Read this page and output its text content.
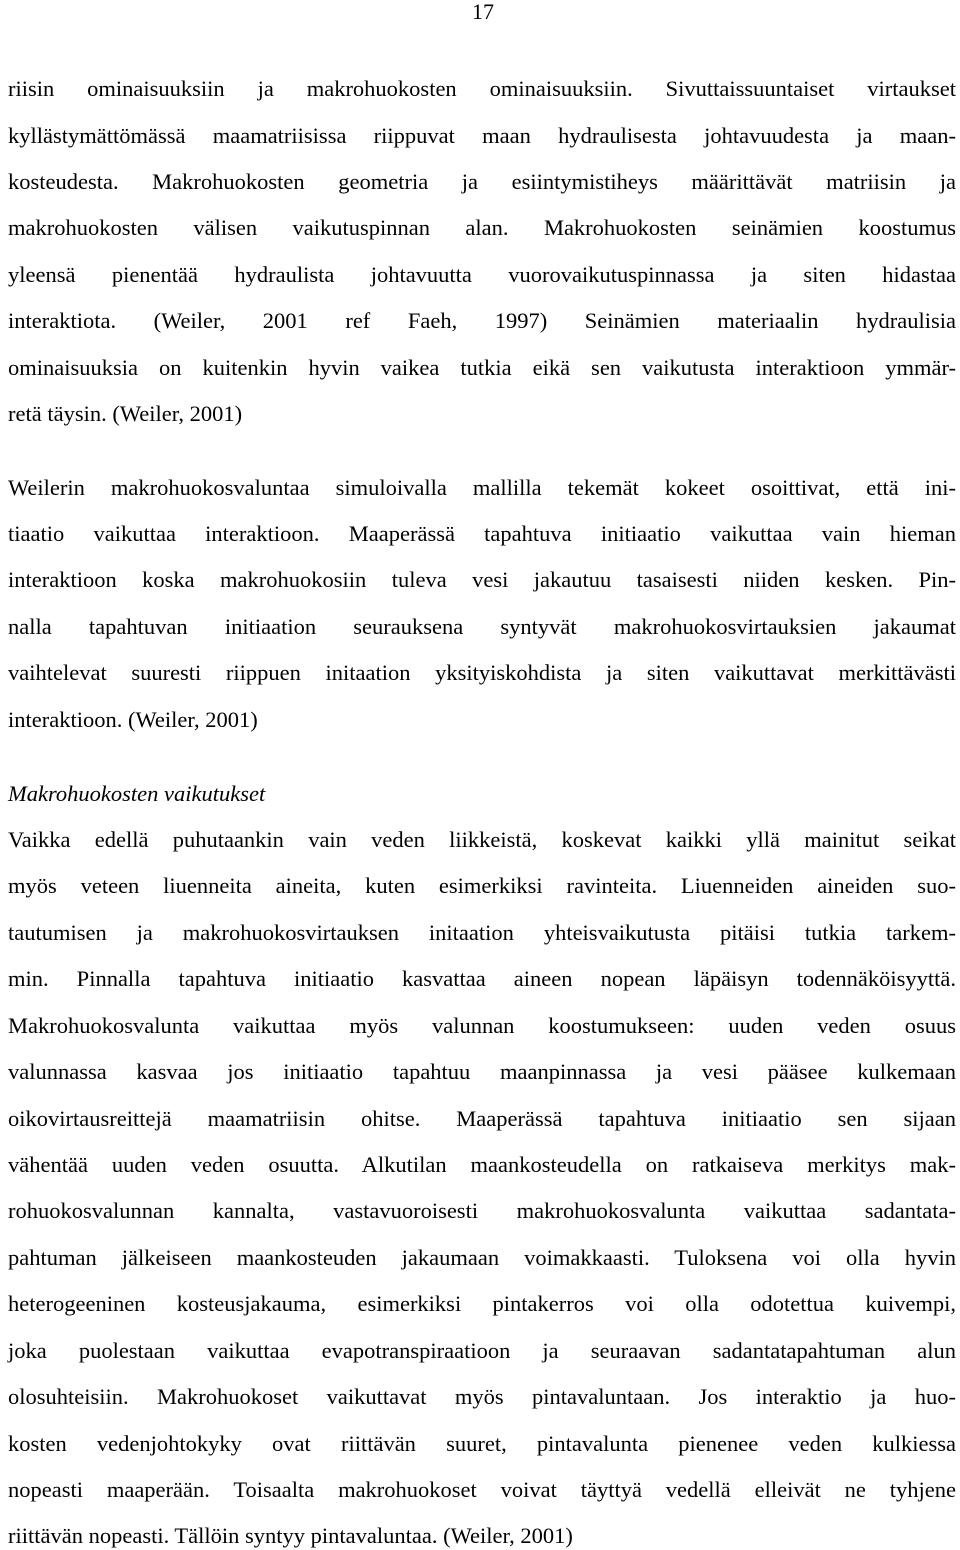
17
riisin ominaisuuksiin ja makrohuokosten ominaisuuksiin. Sivuttaissuuntaiset virtaukset
kyllästymättömässä maamatriisissa riippuvat maan hydraulisesta johtavuudesta ja maan-
kosteudesta. Makrohuokosten geometria ja esiintymistiheys määrittävät matriisin ja
makrohuokosten välisen vaikutuspinnan alan. Makrohuokosten seinämien koostumus
yleensä pienentää hydraulista johtavuutta vuorovaikutuspinnassa ja siten hidastaa
interaktiota. (Weiler, 2001 ref Faeh, 1997) Seinämien materiaalin hydraulisia
ominaisuuksia on kuitenkin hyvin vaikea tutkia eikä sen vaikutusta interaktioon ymmär-
retä täysin. (Weiler, 2001)
Weilerin makrohuokosvaluntaa simuloivalla mallilla tekemät kokeet osoittivat, että ini-
tiaatio vaikuttaa interaktioon. Maaperässä tapahtuva initiaatio vaikuttaa vain hieman
interaktioon koska makrohuokosiin tuleva vesi jakautuu tasaisesti niiden kesken. Pin-
nalla tapahtuvan initiaation seurauksena syntyvät makrohuokosvirtauksien jakaumat
vaihtelevat suuresti riippuen initaation yksityiskohdista ja siten vaikuttavat merkittävästi
interaktioon. (Weiler, 2001)
Makrohuokosten vaikutukset
Vaikka edellä puhutaankin vain veden liikkeistä, koskevat kaikki yllä mainitut seikat
myös veteen liuenneita aineita, kuten esimerkiksi ravinteita. Liuenneiden aineiden suo-
tautumisen ja makrohuokosvirtauksen initaation yhteisvaikutusta pitäisi tutkia tarkem-
min. Pinnalla tapahtuva initiaatio kasvattaa aineen nopean läpäisyn todennäköisyyttä.
Makrohuokosvalunta vaikuttaa myös valunnan koostumukseen: uuden veden osuus
valunnassa kasvaa jos initiaatio tapahtuu maanpinnassa ja vesi pääsee kulkemaan
oikovirtausreittejä maamatriisin ohitse. Maaperässä tapahtuva initiaatio sen sijaan
vähentää uuden veden osuutta. Alkutilan maankosteudella on ratkaiseva merkitys mak-
rohuokosvalunnan kannalta, vastavuoroisesti makrohuokosvalunta vaikuttaa sadantata-
pahtuman jälkeiseen maankosteuden jakaumaan voimakkaasti. Tuloksena voi olla hyvin
heterogeeninen kosteusjakauma, esimerkiksi pintakerros voi olla odotettua kuivempi,
joka puolestaan vaikuttaa evapotranspiraatioon ja seuraavan sadantatapahtuman alun
olosuhteisiin. Makrohuokoset vaikuttavat myös pintavaluntaan. Jos interaktio ja huo-
kosten vedenjohtokyky ovat riittävän suuret, pintavalunta pienenee veden kulkiessa
nopeasti maaperään. Toisaalta makrohuokoset voivat täyttyä vedellä elleivät ne tyhjene
riittävän nopeasti. Tällöin syntyy pintavaluntaa. (Weiler, 2001)
